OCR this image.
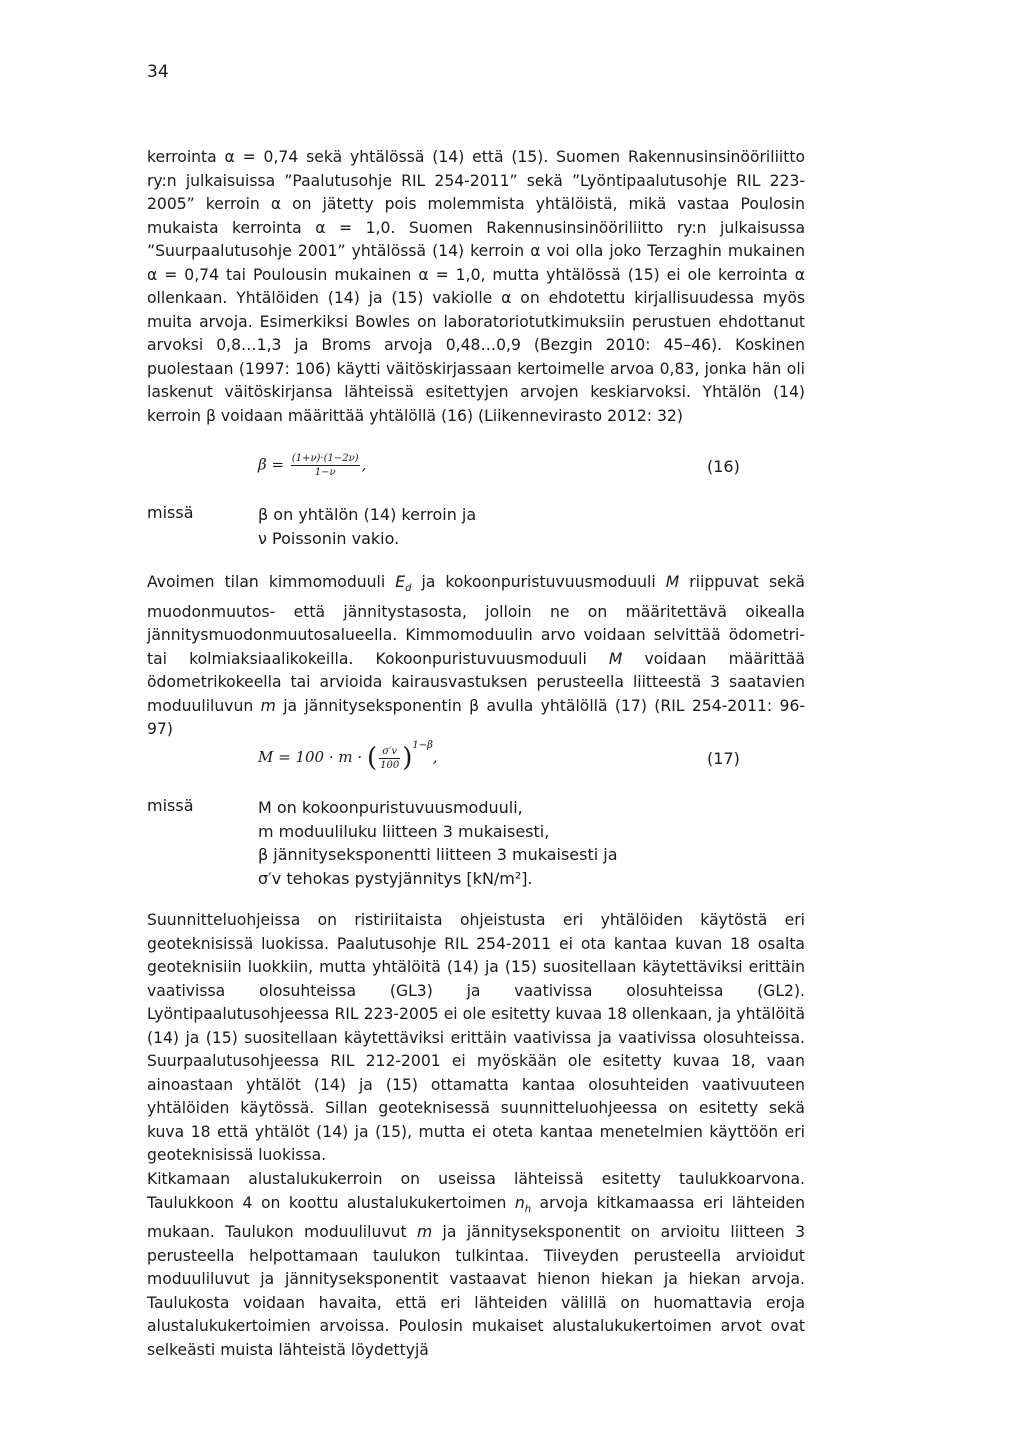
34

kerrointa α = 0,74 sekä yhtälössä (14) että (15). Suomen Rakennusinsinööriliitto ry:n julkaisuissa ”Paalutusohje RIL 254-2011” sekä ”Lyöntipaalutusohje RIL 223-2005” kerroin α on jätetty pois molemmista yhtälöistä, mikä vastaa Poulosin mukaista kerrointa α = 1,0. Suomen Rakennusinsinööriliitto ry:n julkaisussa ”Suurpaalutusohje 2001” yhtälössä (14) kerroin α voi olla joko Terzaghin mukainen α = 0,74 tai Poulousin mukainen α = 1,0, mutta yhtälössä (15) ei ole kerrointa α ollenkaan. Yhtälöiden (14) ja (15) vakiolle α on ehdotettu kirjallisuudessa myös muita arvoja. Esimerkiksi Bowles on laboratoriotutkimuksiin perustuen ehdottanut arvoksi 0,8…1,3 ja Broms arvoja 0,48…0,9 (Bezgin 2010: 45–46). Koskinen puolestaan (1997: 106) käytti väitöskirjassaan kertoimelle arvoa 0,83, jonka hän oli laskenut väitöskirjansa lähteissä esitettyjen arvojen keskiarvoksi. Yhtälön (14) kerroin β voidaan määrittää yhtälöllä (16) (Liikennevirasto 2012: 32)

$\beta = \frac{(1+\nu)\cdot(1-2\nu)}{1-\nu}$ ,	(16)
missä	β on yhtälön (14) kerroin ja
ν Poissonin vakio.

Avoimen tilan kimmomoduuli $E_d$ ja kokoonpuristuvuusmoduuli M riippuvat sekä muodonmuutos- että jännitystasosta, jolloin ne on määritettävä oikealla jännitysmuodonmuutosalueella. Kimmomoduulin arvo voidaan selvittää ödometri- tai kolmiaksiaalikokeilla. Kokoonpuristuvuusmoduuli M voidaan määrittää ödometrikokeella tai arvioida kairausvastuksen perusteella liitteestä 3 saatavien moduuliluvun m ja jännityseksponentin β avulla yhtälöllä (17) (RIL 254-2011: 96-97)

M = 100 · m · ( $\frac{\sigma'v}{100} )^{1-\beta}$,	(17)
missä	M on kokoonpuristuvuusmoduuli,
m moduuliluku liitteen 3 mukaisesti,
β jännityseksponentti liitteen 3 mukaisesti ja
σ′v tehokas pystyjännitys [kN/m²].

Suunnitteluohjeissa on ristiriitaista ohjeistusta eri yhtälöiden käytöstä eri geoteknisissä luokissa. Paalutusohje RIL 254-2011 ei ota kantaa kuvan 18 osalta geoteknisiin luokkiin, mutta yhtälöitä (14) ja (15) suositellaan käytettäviksi erittäin vaativissa olosuhteissa (GL3) ja vaativissa olosuhteissa (GL2). Lyöntipaalutusohjeessa RIL 223-2005 ei ole esitetty kuvaa 18 ollenkaan, ja yhtälöitä (14) ja (15) suositellaan käytettäviksi erittäin vaativissa ja vaativissa olosuhteissa. Suurpaalutusohjeessa RIL 212-2001 ei myöskään ole esitetty kuvaa 18, vaan ainoastaan yhtälöt (14) ja (15) ottamatta kantaa olosuhteiden vaativuuteen yhtälöiden käytössä. Sillan geoteknisessä suunnitteluohjeessa on esitetty sekä kuva 18 että yhtälöt (14) ja (15), mutta ei oteta kantaa menetelmien käyttöön eri geoteknisissä luokissa.

Kitkamaan alustalukukerroin on useissa lähteissä esitetty taulukkoarvona. Taulukkoon 4 on koottu alustalukukertoimen $n_h$ arvoja kitkamaassa eri lähteiden mukaan. Taulukon moduuliluvut m ja jännityseksponentit on arvioitu liitteen 3 perusteella helpottamaan taulukon tulkintaa. Tiiveyden perusteella arvioidut moduuliluvut ja jännityseksponentit vastaavat hienon hiekan ja hiekan arvoja. Taulukosta voidaan havaita, että eri lähteiden välillä on huomattavia eroja alustalukukertoimien arvoissa. Poulosin mukaiset alustalukukertoimen arvot ovat selkeästi muista lähteistä löydettyjä
